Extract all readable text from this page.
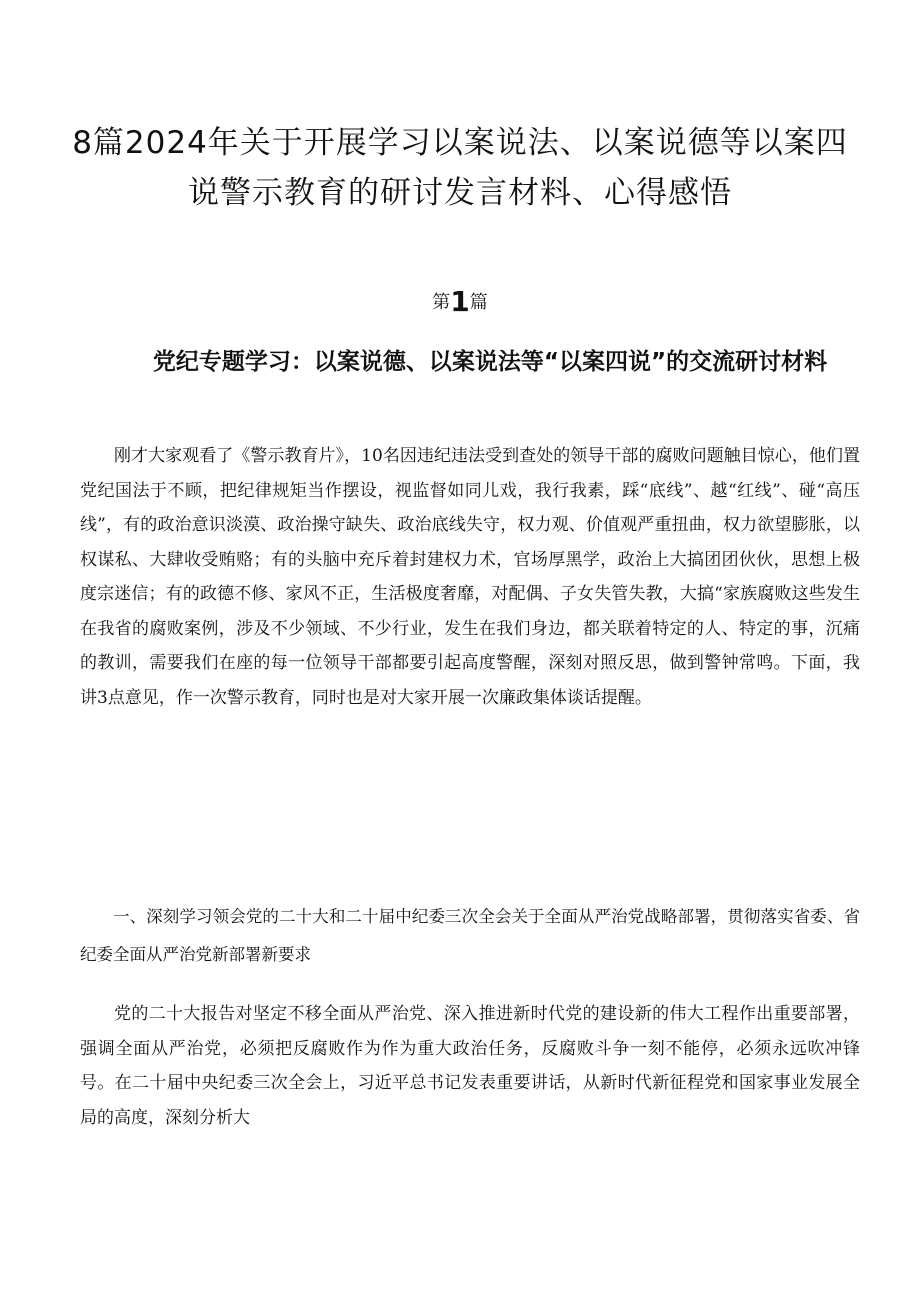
8篇2024年关于开展学习以案说法、以案说德等以案四说警示教育的研讨发言材料、心得感悟
第1篇
党纪专题学习：以案说德、以案说法等“以案四说”的交流研讨材料

刚才大家观看了《警示教育片》，10名因违纪违法受到查处的领导干部的腐败问题触目惊心，他们置党纪国法于不顾，把纪律规矩当作摆设，视监督如同儿戏，我行我素，踩“底线”、越“红线”、碰“高压线”，有的政治意识淡漠、政治操守缺失、政治底线失守，权力观、价值观严重扭曲，权力欲望膨胀，以权谋私、大肆收受贿赂；有的头脑中充斥着封建权力术，官场厚黑学，政治上大搞团团伙伙，思想上极度宗迷信；有的政德不修、家风不正，生活极度奢靡，对配偶、子女失管失教，大搞“家族腐败这些发生在我省的腐败案例，涉及不少领域、不少行业，发生在我们身边，都关联着特定的人、特定的事，沉痛的教训，需要我们在座的每一位领导干部都要引起高度警醒，深刻对照反思，做到警钟常鸣。下面，我讲3点意见，作一次警示教育，同时也是对大家开展一次廉政集体谈话提醒。

一、深刻学习领会党的二十大和二十届中纪委三次全会关于全面从严治党战略部署，贯彻落实省委、省纪委全面从严治党新部署新要求

党的二十大报告对坚定不移全面从严治党、深入推进新时代党的建设新的伟大工程作出重要部署，强调全面从严治党，必须把反腐败作为作为重大政治任务，反腐败斗争一刻不能停，必须永远吹冲锋号。在二十届中央纪委三次全会上，习近平总书记发表重要讲话，从新时代新征程党和国家事业发展全局的高度，深刻分析大
